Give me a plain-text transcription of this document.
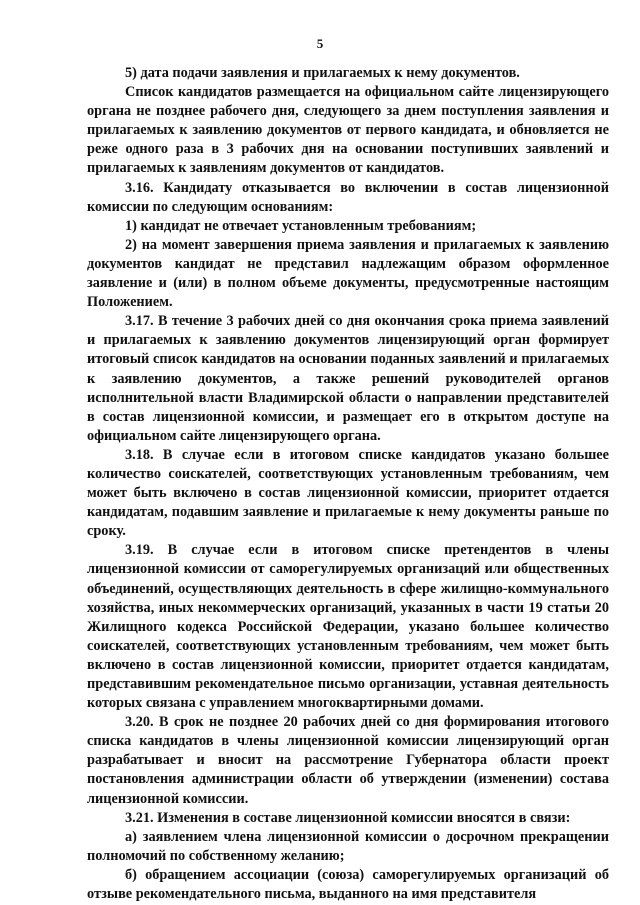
5

5) дата подачи заявления и прилагаемых к нему документов.

Список кандидатов размещается на официальном сайте лицензирующего органа не позднее рабочего дня, следующего за днем поступления заявления и прилагаемых к заявлению документов от первого кандидата, и обновляется не реже одного раза в 3 рабочих дня на основании поступивших заявлений и прилагаемых к заявлениям документов от кандидатов.

3.16. Кандидату отказывается во включении в состав лицензионной комиссии по следующим основаниям:

1) кандидат не отвечает установленным требованиям;

2) на момент завершения приема заявления и прилагаемых к заявлению документов кандидат не представил надлежащим образом оформленное заявление и (или) в полном объеме документы, предусмотренные настоящим Положением.

3.17. В течение 3 рабочих дней со дня окончания срока приема заявлений и прилагаемых к заявлению документов лицензирующий орган формирует итоговый список кандидатов на основании поданных заявлений и прилагаемых к заявлению документов, а также решений руководителей органов исполнительной власти Владимирской области о направлении представителей в состав лицензионной комиссии, и размещает его в открытом доступе на официальном сайте лицензирующего органа.

3.18. В случае если в итоговом списке кандидатов указано большее количество соискателей, соответствующих установленным требованиям, чем может быть включено в состав лицензионной комиссии, приоритет отдается кандидатам, подавшим заявление и прилагаемые к нему документы раньше по сроку.

3.19. В случае если в итоговом списке претендентов в члены лицензионной комиссии от саморегулируемых организаций или общественных объединений, осуществляющих деятельность в сфере жилищно-коммунального хозяйства, иных некоммерческих организаций, указанных в части 19 статьи 20 Жилищного кодекса Российской Федерации, указано большее количество соискателей, соответствующих установленным требованиям, чем может быть включено в состав лицензионной комиссии, приоритет отдается кандидатам, представившим рекомендательное письмо организации, уставная деятельность которых связана с управлением многоквартирными домами.

3.20. В срок не позднее 20 рабочих дней со дня формирования итогового списка кандидатов в члены лицензионной комиссии лицензирующий орган разрабатывает и вносит на рассмотрение Губернатора области проект постановления администрации области об утверждении (изменении) состава лицензионной комиссии.

3.21. Изменения в составе лицензионной комиссии вносятся в связи:

а) заявлением члена лицензионной комиссии о досрочном прекращении полномочий по собственному желанию;

б) обращением ассоциации (союза) саморегулируемых организаций об отзыве рекомендательного письма, выданного на имя представителя
